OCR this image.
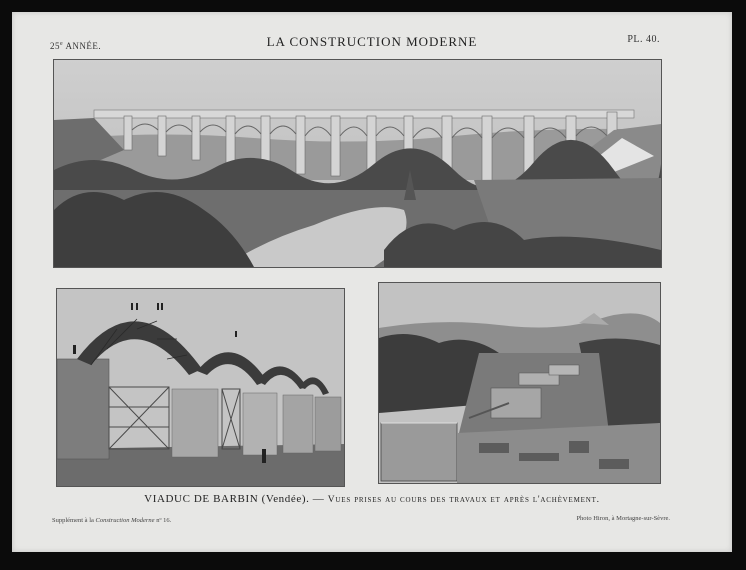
25e ANNÉE.	LA CONSTRUCTION MODERNE	PL. 40.
VIADUC DE BARBIN (Vendée). — Vues prises au cours des travaux et après l'achèvement.
Supplément à la Construction Moderne nº 16.	Photo Hiron, à Mortagne-sur-Sèvre.
